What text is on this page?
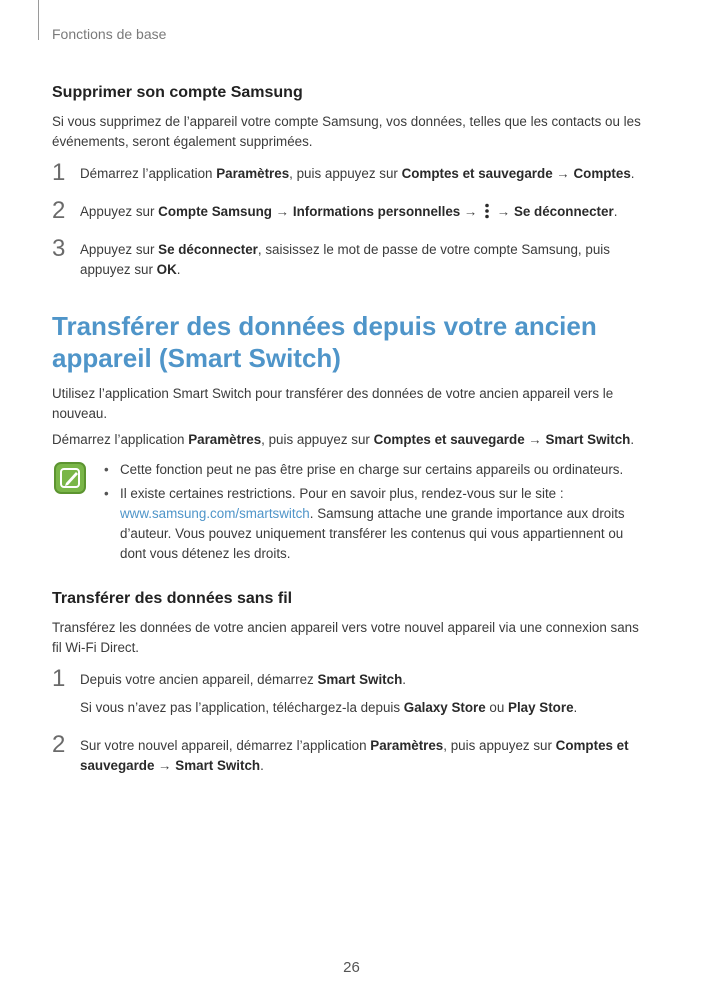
Fonctions de base
Supprimer son compte Samsung

Si vous supprimez de l’appareil votre compte Samsung, vos données, telles que les contacts ou les événements, seront également supprimées.

1 Démarrez l’application Paramètres, puis appuyez sur Comptes et sauvegarde → Comptes.
2 Appuyez sur Compte Samsung → Informations personnelles →  → Se déconnecter.
3 Appuyez sur Se déconnecter, saisissez le mot de passe de votre compte Samsung, puis appuyez sur OK.
Transférer des données depuis votre ancien appareil (Smart Switch)

Utilisez l’application Smart Switch pour transférer des données de votre ancien appareil vers le nouveau.

Démarrez l’application Paramètres, puis appuyez sur Comptes et sauvegarde → Smart Switch.

• Cette fonction peut ne pas être prise en charge sur certains appareils ou ordinateurs.
• Il existe certaines restrictions. Pour en savoir plus, rendez-vous sur le site : www.samsung.com/smartswitch. Samsung attache une grande importance aux droits d’auteur. Vous pouvez uniquement transférer les contenus qui vous appartiennent ou dont vous détenez les droits.
Transférer des données sans fil

Transférez les données de votre ancien appareil vers votre nouvel appareil via une connexion sans fil Wi-Fi Direct.

1 Depuis votre ancien appareil, démarrez Smart Switch.
Si vous n’avez pas l’application, téléchargez-la depuis Galaxy Store ou Play Store.
2 Sur votre nouvel appareil, démarrez l’application Paramètres, puis appuyez sur Comptes et sauvegarde → Smart Switch.
26
